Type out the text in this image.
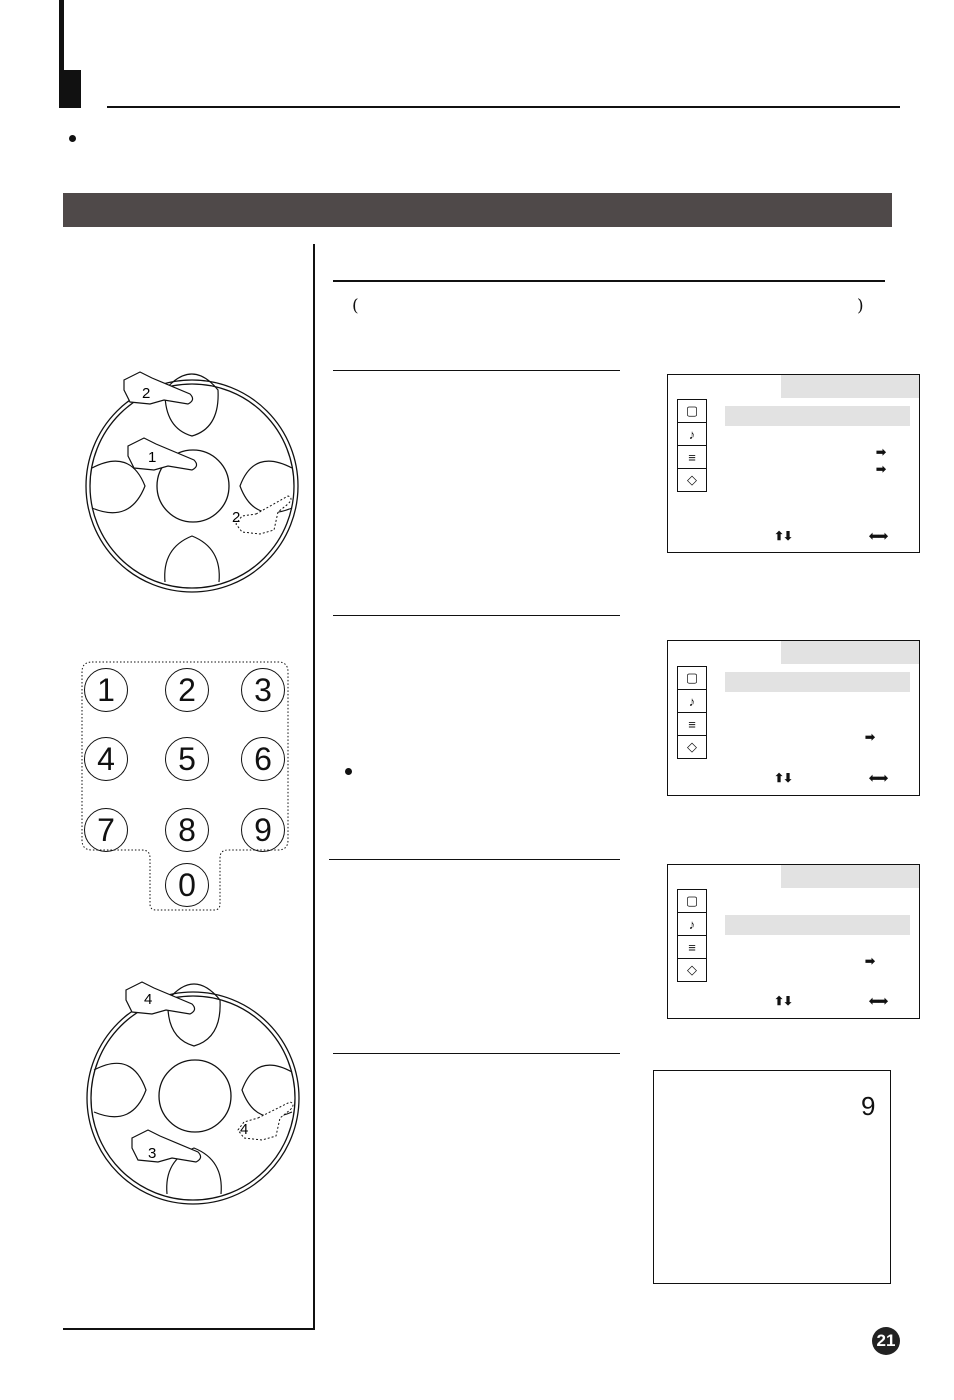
(	)
2
1
2
1	2	3
4	5	6
7	8	9
0
4
4
3
▢
♪
≡
◇
➡
➡
⬆⬇	⬅➡
▢
♪
≡
◇
➡
⬆⬇	⬅➡
▢
♪
≡
◇
➡
⬆⬇	⬅➡
9
21
